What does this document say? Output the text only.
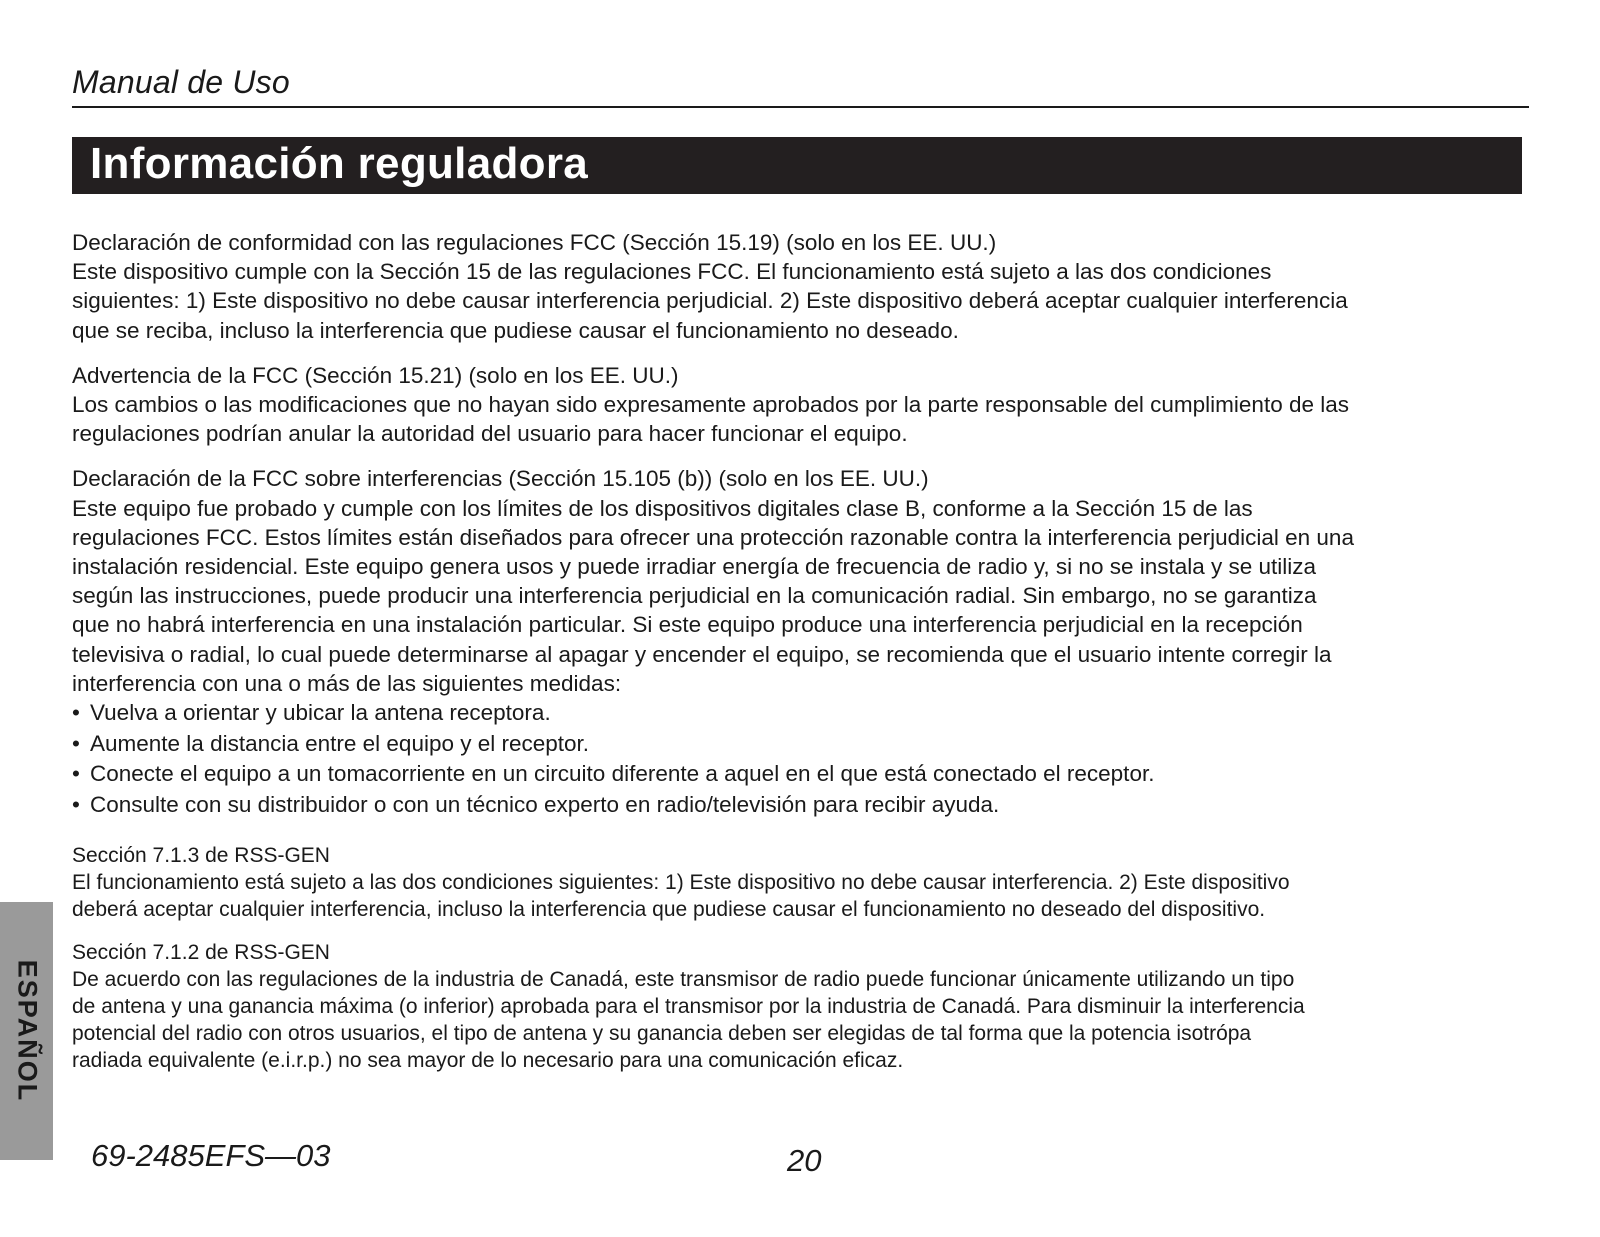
Manual de Uso
Información reguladora

Declaración de conformidad con las regulaciones FCC (Sección 15.19) (solo en los EE. UU.)

Este dispositivo cumple con la Sección 15 de las regulaciones FCC. El funcionamiento está sujeto a las dos condiciones

siguientes: 1) Este dispositivo no debe causar interferencia perjudicial. 2) Este dispositivo deberá aceptar cualquier interferencia

que se reciba, incluso la interferencia que pudiese causar el funcionamiento no deseado.

Advertencia de la FCC (Sección 15.21) (solo en los EE. UU.)

Los cambios o las modificaciones que no hayan sido expresamente aprobados por la parte responsable del cumplimiento de las

regulaciones podrían anular la autoridad del usuario para hacer funcionar el equipo.

Declaración de la FCC sobre interferencias (Sección 15.105 (b)) (solo en los EE. UU.)

Este equipo fue probado y cumple con los límites de los dispositivos digitales clase B, conforme a la Sección 15 de las

regulaciones FCC. Estos límites están diseñados para ofrecer una protección razonable contra la interferencia perjudicial en una

instalación residencial. Este equipo genera usos y puede irradiar energía de frecuencia de radio y, si no se instala y se utiliza

según las instrucciones, puede producir una interferencia perjudicial en la comunicación radial. Sin embargo, no se garantiza

que no habrá interferencia en una instalación particular. Si este equipo produce una interferencia perjudicial en la recepción

televisiva o radial, lo cual puede determinarse al apagar y encender el equipo, se recomienda que el usuario intente corregir la

interferencia con una o más de las siguientes medidas:

• Vuelva a orientar y ubicar la antena receptora.
• Aumente la distancia entre el equipo y el receptor.
• Conecte el equipo a un tomacorriente en un circuito diferente a aquel en el que está conectado el receptor.
• Consulte con su distribuidor o con un técnico experto en radio/televisión para recibir ayuda.

Sección 7.1.3 de RSS-GEN

El funcionamiento está sujeto a las dos condiciones siguientes: 1) Este dispositivo no debe causar interferencia. 2) Este dispositivo

deberá aceptar cualquier interferencia, incluso la interferencia que pudiese causar el funcionamiento no deseado del dispositivo.

Sección 7.1.2 de RSS-GEN

De acuerdo con las regulaciones de la industria de Canadá, este transmisor de radio puede funcionar únicamente utilizando un tipo

de antena y una ganancia máxima (o inferior) aprobada para el transmisor por la industria de Canadá. Para disminuir la interferencia

potencial del radio con otros usuarios, el tipo de antena y su ganancia deben ser elegidas de tal forma que la potencia isotrópa

radiada equivalente (e.i.r.p.) no sea mayor de lo necesario para una comunicación eficaz.

ESPAÑOL
69-2485EFS—03	20
